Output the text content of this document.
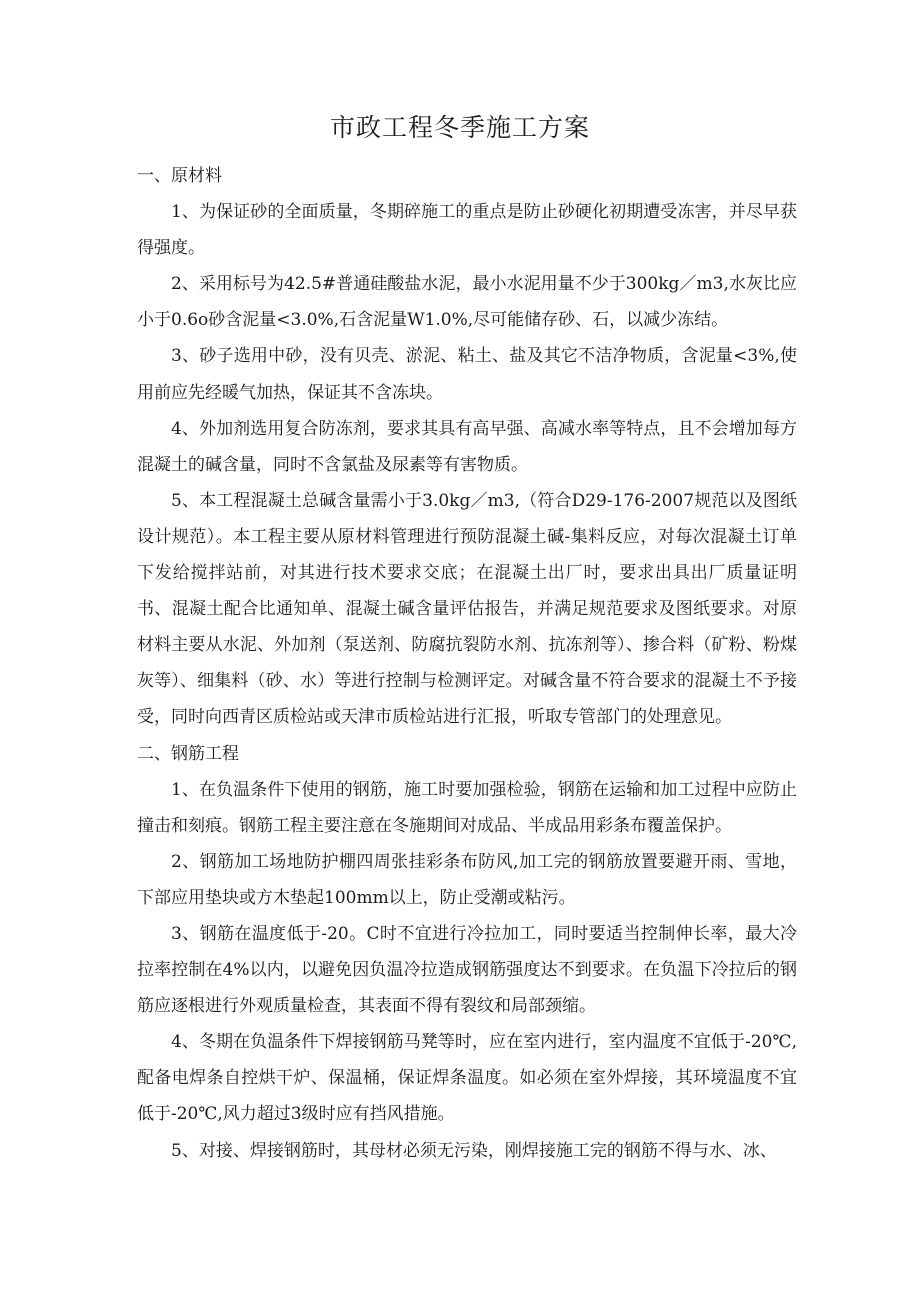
市政工程冬季施工方案
一、原材料

1、为保证砂的全面质量，冬期碎施工的重点是防止砂硬化初期遭受冻害，并尽早获得强度。

2、采用标号为42.5#普通硅酸盐水泥，最小水泥用量不少于300kg／m3,水灰比应小于0.6o砂含泥量<3.0%,石含泥量W1.0%,尽可能储存砂、石，以减少冻结。

3、砂子选用中砂，没有贝壳、淤泥、粘土、盐及其它不洁净物质，含泥量<3%,使用前应先经暖气加热，保证其不含冻块。

4、外加剂选用复合防冻剂，要求其具有高早强、高减水率等特点，且不会增加每方混凝土的碱含量，同时不含氯盐及尿素等有害物质。

5、本工程混凝土总碱含量需小于3.0kg／m3,（符合D29-176-2007规范以及图纸设计规范）。本工程主要从原材料管理进行预防混凝土碱-集料反应，对每次混凝土订单下发给搅拌站前，对其进行技术要求交底；在混凝土出厂时，要求出具出厂质量证明书、混凝土配合比通知单、混凝土碱含量评估报告，并满足规范要求及图纸要求。对原材料主要从水泥、外加剂（泵送剂、防腐抗裂防水剂、抗冻剂等）、掺合料（矿粉、粉煤灰等）、细集料（砂、水）等进行控制与检测评定。对碱含量不符合要求的混凝土不予接受，同时向西青区质检站或天津市质检站进行汇报，听取专管部门的处理意见。

二、钢筋工程

1、在负温条件下使用的钢筋，施工时要加强检验，钢筋在运输和加工过程中应防止撞击和刻痕。钢筋工程主要注意在冬施期间对成品、半成品用彩条布覆盖保护。

2、钢筋加工场地防护棚四周张挂彩条布防风,加工完的钢筋放置要避开雨、雪地，下部应用垫块或方木垫起100mm以上，防止受潮或粘污。

3、钢筋在温度低于-20。C时不宜进行冷拉加工，同时要适当控制伸长率，最大冷拉率控制在4%以内，以避免因负温冷拉造成钢筋强度达不到要求。在负温下冷拉后的钢筋应逐根进行外观质量检查，其表面不得有裂纹和局部颈缩。

4、冬期在负温条件下焊接钢筋马凳等时，应在室内进行，室内温度不宜低于-20℃,配备电焊条自控烘干炉、保温桶，保证焊条温度。如必须在室外焊接，其环境温度不宜低于-20℃,风力超过3级时应有挡风措施。

5、对接、焊接钢筋时，其母材必须无污染，刚焊接施工完的钢筋不得与水、冰、
